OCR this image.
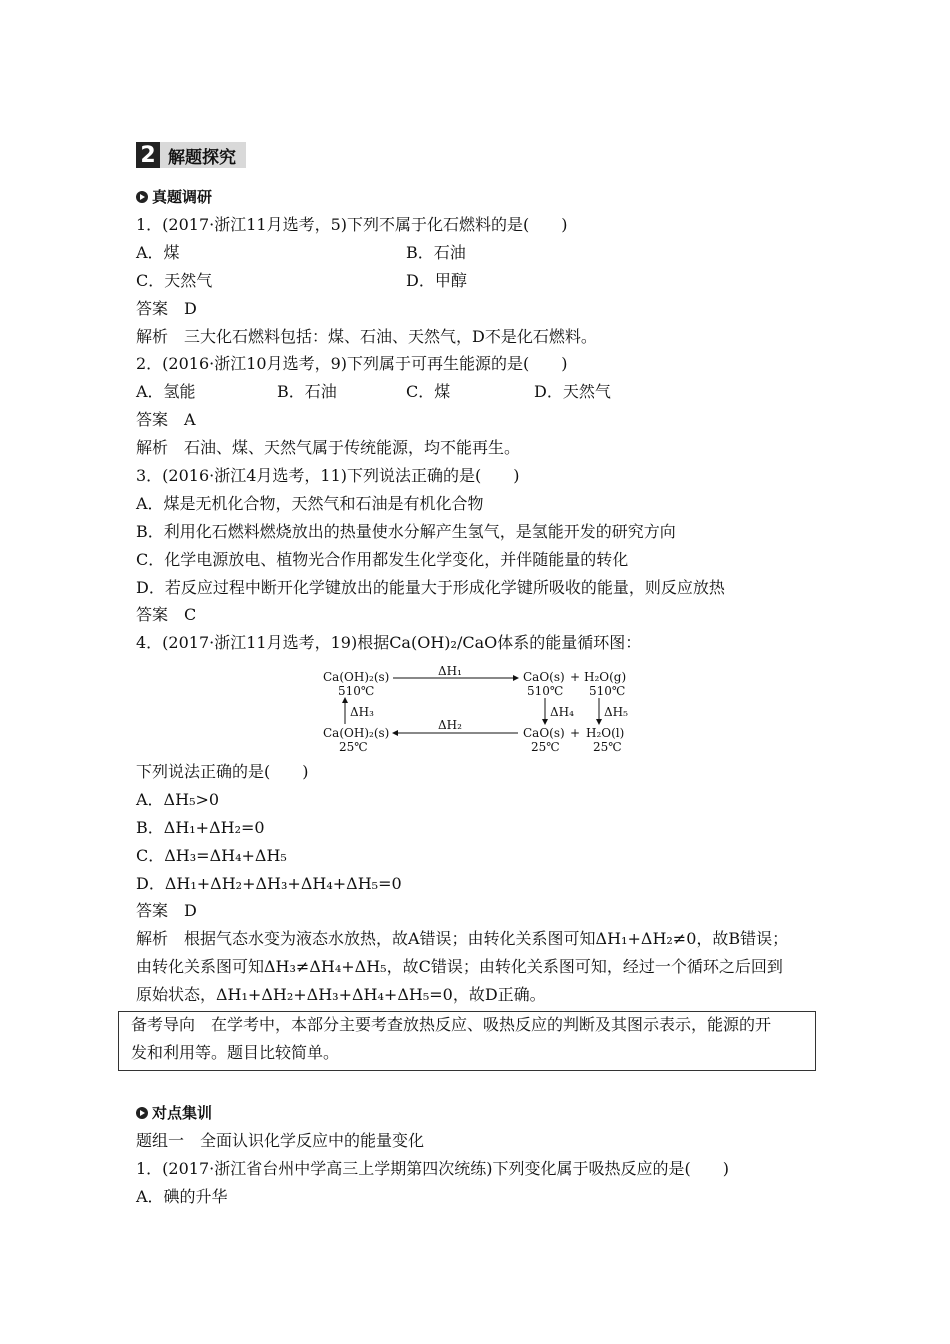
2 解题探究
真题调研
1．(2017·浙江11月选考，5)下列不属于化石燃料的是(　　)
A．煤	B．石油
C．天然气	D．甲醇
答案　D
解析　三大化石燃料包括：煤、石油、天然气，D不是化石燃料。
2．(2016·浙江10月选考，9)下列属于可再生能源的是(　　)
A．氢能	B．石油	C．煤	D．天然气
答案　A
解析　石油、煤、天然气属于传统能源，均不能再生。
3．(2016·浙江4月选考，11)下列说法正确的是(　　)
A．煤是无机化合物，天然气和石油是有机化合物
B．利用化石燃料燃烧放出的热量使水分解产生氢气，是氢能开发的研究方向
C．化学电源放电、植物光合作用都发生化学变化，并伴随能量的转化
D．若反应过程中断开化学键放出的能量大于形成化学键所吸收的能量，则反应放热
答案　C
4．(2017·浙江11月选考，19)根据Ca(OH)₂/CaO体系的能量循环图：
Ca(OH)₂(s)
510℃
CaO(s)
510℃
+ H₂O(g)
510℃
ΔH₁
ΔH₂
ΔH₃	ΔH₄	ΔH₅
Ca(OH)₂(s)
25℃
CaO(s)
25℃
+ H₂O(l)
25℃
下列说法正确的是(　　)
A．ΔH₅>0
B．ΔH₁+ΔH₂=0
C．ΔH₃=ΔH₄+ΔH₅
D．ΔH₁+ΔH₂+ΔH₃+ΔH₄+ΔH₅=0
答案　D
解析　根据气态水变为液态水放热，故A错误；由转化关系图可知ΔH₁+ΔH₂≠0，故B错误；
由转化关系图可知ΔH₃≠ΔH₄+ΔH₅，故C错误；由转化关系图可知，经过一个循环之后回到
原始状态，ΔH₁+ΔH₂+ΔH₃+ΔH₄+ΔH₅=0，故D正确。
备考导向　在学考中，本部分主要考查放热反应、吸热反应的判断及其图示表示，能源的开
发和利用等。题目比较简单。
对点集训
题组一　全面认识化学反应中的能量变化
1．(2017·浙江省台州中学高三上学期第四次统练)下列变化属于吸热反应的是(　　)
A．碘的升华
